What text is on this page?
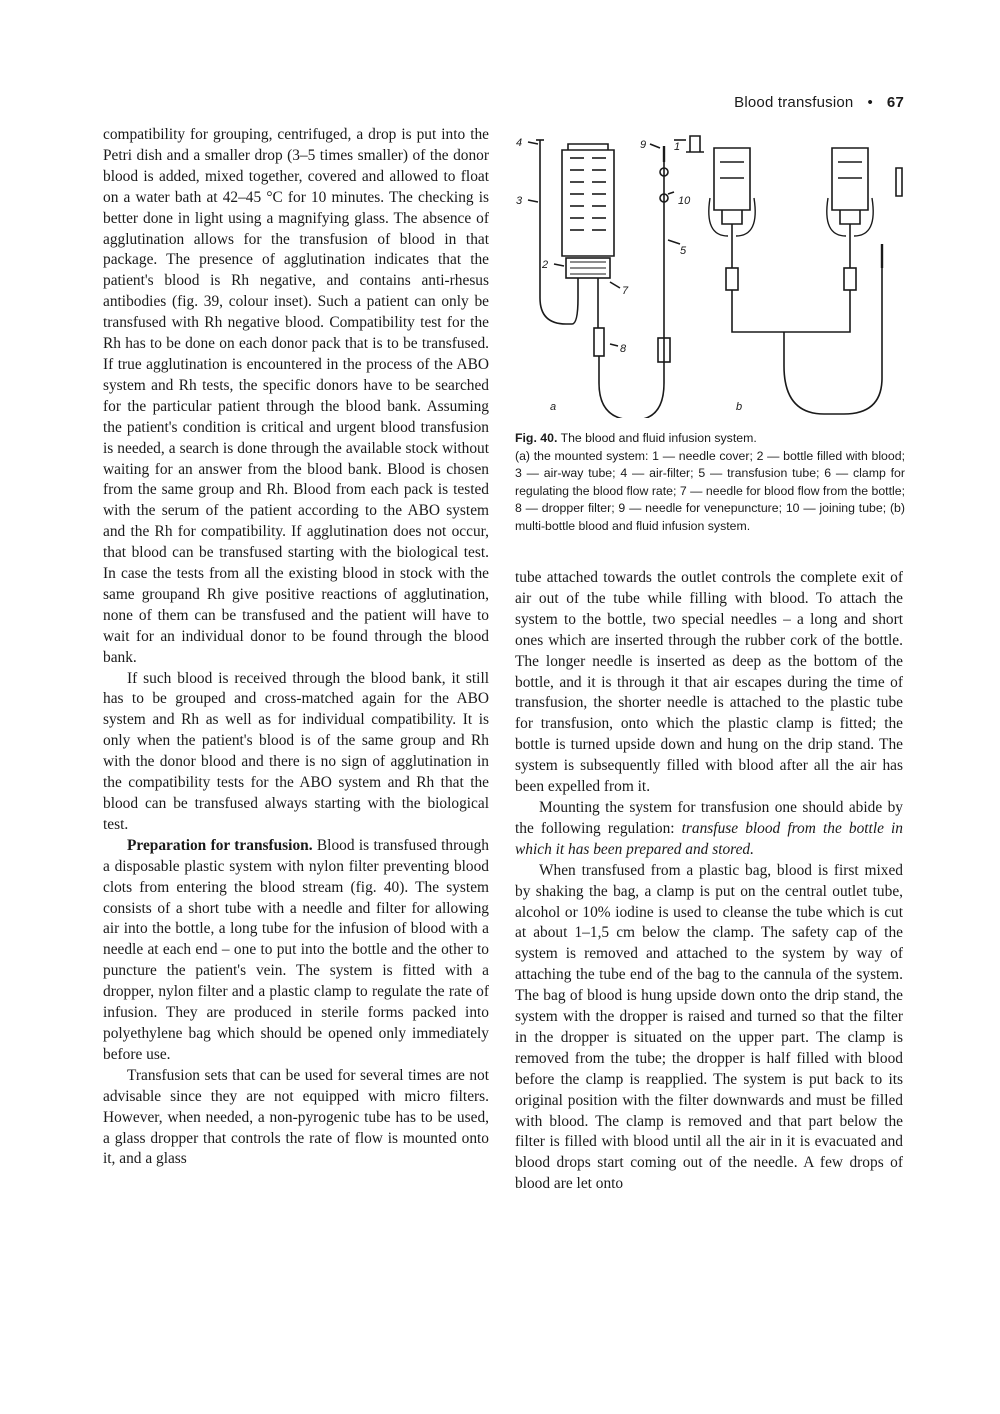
Blood transfusion • 67

compatibility for grouping, centrifuged, a drop is put into the Petri dish and a smaller drop (3–5 times smaller) of the donor blood is added, mixed together, covered and allowed to float on a water bath at 42–45 °C for 10 minutes. The checking is better done in light using a magnifying glass. The absence of agglutination allows for the transfusion of blood in that package. The presence of agglutination indicates that the patient's blood is Rh negative, and contains anti-rhesus antibodies (fig. 39, colour inset). Such a patient can only be transfused with Rh negative blood. Compatibility test for the Rh has to be done on each donor pack that is to be transfused. If true agglutination is encountered in the process of the ABO system and Rh tests, the specific donors have to be searched for the particular patient through the blood bank. Assuming the patient's condition is critical and urgent blood transfusion is needed, a search is done through the available stock without waiting for an answer from the blood bank. Blood is chosen from the same group and Rh. Blood from each pack is tested with the serum of the patient according to the ABO system and the Rh for compatibility. If agglutination does not occur, that blood can be transfused starting with the biological test. In case the tests from all the existing blood in stock with the same groupand Rh give positive reactions of agglutination, none of them can be transfused and the patient will have to wait for an individual donor to be found through the blood bank.

If such blood is received through the blood bank, it still has to be grouped and cross-matched again for the ABO system and Rh as well as for individual compatibility. It is only when the patient's blood is of the same group and Rh with the donor blood and there is no sign of agglutination in the compatibility tests for the ABO system and Rh that the blood can be transfused always starting with the biological test.

Preparation for transfusion. Blood is transfused through a disposable plastic system with nylon filter preventing blood clots from entering the blood stream (fig. 40). The system consists of a short tube with a needle and filter for allowing air into the bottle, a long tube for the infusion of blood with a needle at each end – one to put into the bottle and the other to puncture the patient's vein. The system is fitted with a dropper, nylon filter and a plastic clamp to regulate the rate of infusion. They are produced in sterile forms packed into polyethylene bag which should be opened only immediately before use.

Transfusion sets that can be used for several times are not advisable since they are not equipped with micro filters. However, when needed, a non-pyrogenic tube has to be used, a glass dropper that controls the rate of flow is mounted onto it, and a glass

4
3
2
9	1
10
5
7
8
a	b

Fig. 40. The blood and fluid infusion system.

(a) the mounted system: 1 — needle cover; 2 — bottle filled with blood; 3 — air-way tube; 4 — air-filter; 5 — transfusion tube; 6 — clamp for regulating the blood flow rate; 7 — needle for blood flow from the bottle; 8 — dropper filter; 9 — needle for venepuncture; 10 — joining tube; (b) multi-bottle blood and fluid infusion system.

tube attached towards the outlet controls the complete exit of air out of the tube while filling with blood. To attach the system to the bottle, two special needles – a long and short ones which are inserted through the rubber cork of the bottle. The longer needle is inserted as deep as the bottom of the bottle, and it is through it that air escapes during the time of transfusion, the shorter needle is attached to the plastic tube for transfusion, onto which the plastic clamp is fitted; the bottle is turned upside down and hung on the drip stand. The system is subsequently filled with blood after all the air has been expelled from it.

Mounting the system for transfusion one should abide by the following regulation: transfuse blood from the bottle in which it has been prepared and stored.

When transfused from a plastic bag, blood is first mixed by shaking the bag, a clamp is put on the central outlet tube, alcohol or 10% iodine is used to cleanse the tube which is cut at about 1–1,5 cm below the clamp. The safety cap of the system is removed and attached to the system by way of attaching the tube end of the bag to the cannula of the system. The bag of blood is hung upside down onto the drip stand, the system with the dropper is raised and turned so that the filter in the dropper is situated on the upper part. The clamp is removed from the tube; the dropper is half filled with blood before the clamp is reapplied. The system is put back to its original position with the filter downwards and must be filled with blood. The clamp is removed and that part below the filter is filled with blood until all the air in it is evacuated and blood drops start coming out of the needle. A few drops of blood are let onto
